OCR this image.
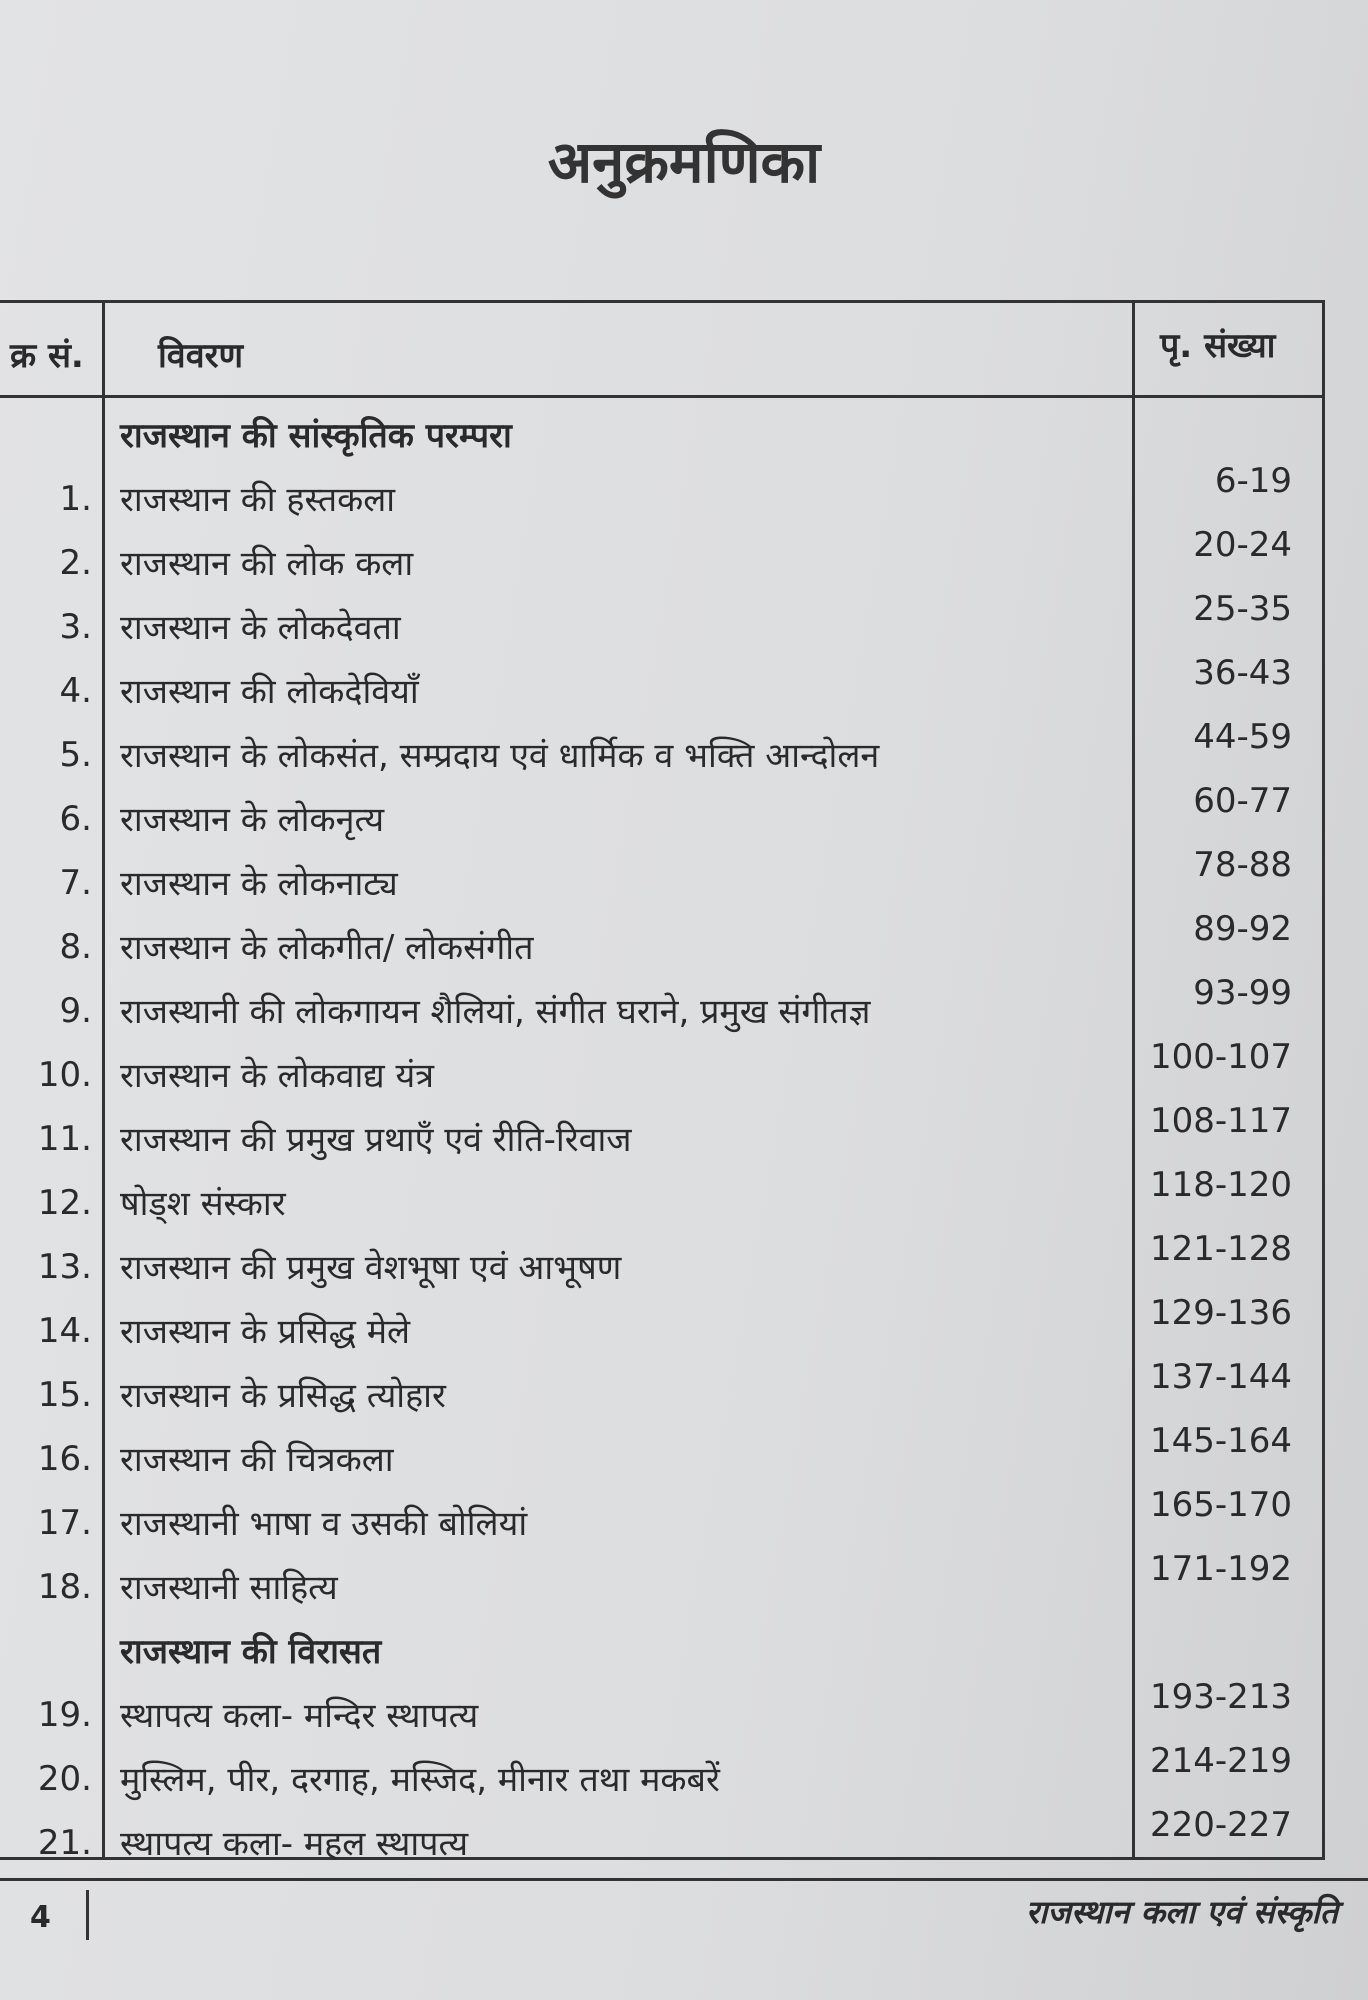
अनुक्रमणिका
क्र सं. विवरण	पृ. संख्या
राजस्थान की सांस्कृतिक परम्परा
1. राजस्थान की हस्तकला	6-19
2. राजस्थान की लोक कला	20-24
3. राजस्थान के लोकदेवता	25-35
4. राजस्थान की लोकदेवियाँ	36-43
5. राजस्थान के लोकसंत, सम्प्रदाय एवं धार्मिक व भक्ति आन्दोलन	44-59
6. राजस्थान के लोकनृत्य	60-77
7. राजस्थान के लोकनाट्य	78-88
8. राजस्थान के लोकगीत/ लोकसंगीत	89-92
9. राजस्थानी की लोकगायन शैलियां, संगीत घराने, प्रमुख संगीतज्ञ	93-99
10. राजस्थान के लोकवाद्य यंत्र	100-107
11. राजस्थान की प्रमुख प्रथाएँ एवं रीति-रिवाज	108-117
12. षोड्श संस्कार	118-120
13. राजस्थान की प्रमुख वेशभूषा एवं आभूषण	121-128
14. राजस्थान के प्रसिद्ध मेले	129-136
15. राजस्थान के प्रसिद्ध त्योहार	137-144
16. राजस्थान की चित्रकला	145-164
17. राजस्थानी भाषा व उसकी बोलियां	165-170
18. राजस्थानी साहित्य	171-192
राजस्थान की विरासत
19. स्थापत्य कला- मन्दिर स्थापत्य	193-213
20. मुस्लिम, पीर, दरगाह, मस्जिद, मीनार तथा मकबरें	214-219
21. स्थापत्य कला- महल स्थापत्य	220-227
4	राजस्थान कला एवं संस्कृति
